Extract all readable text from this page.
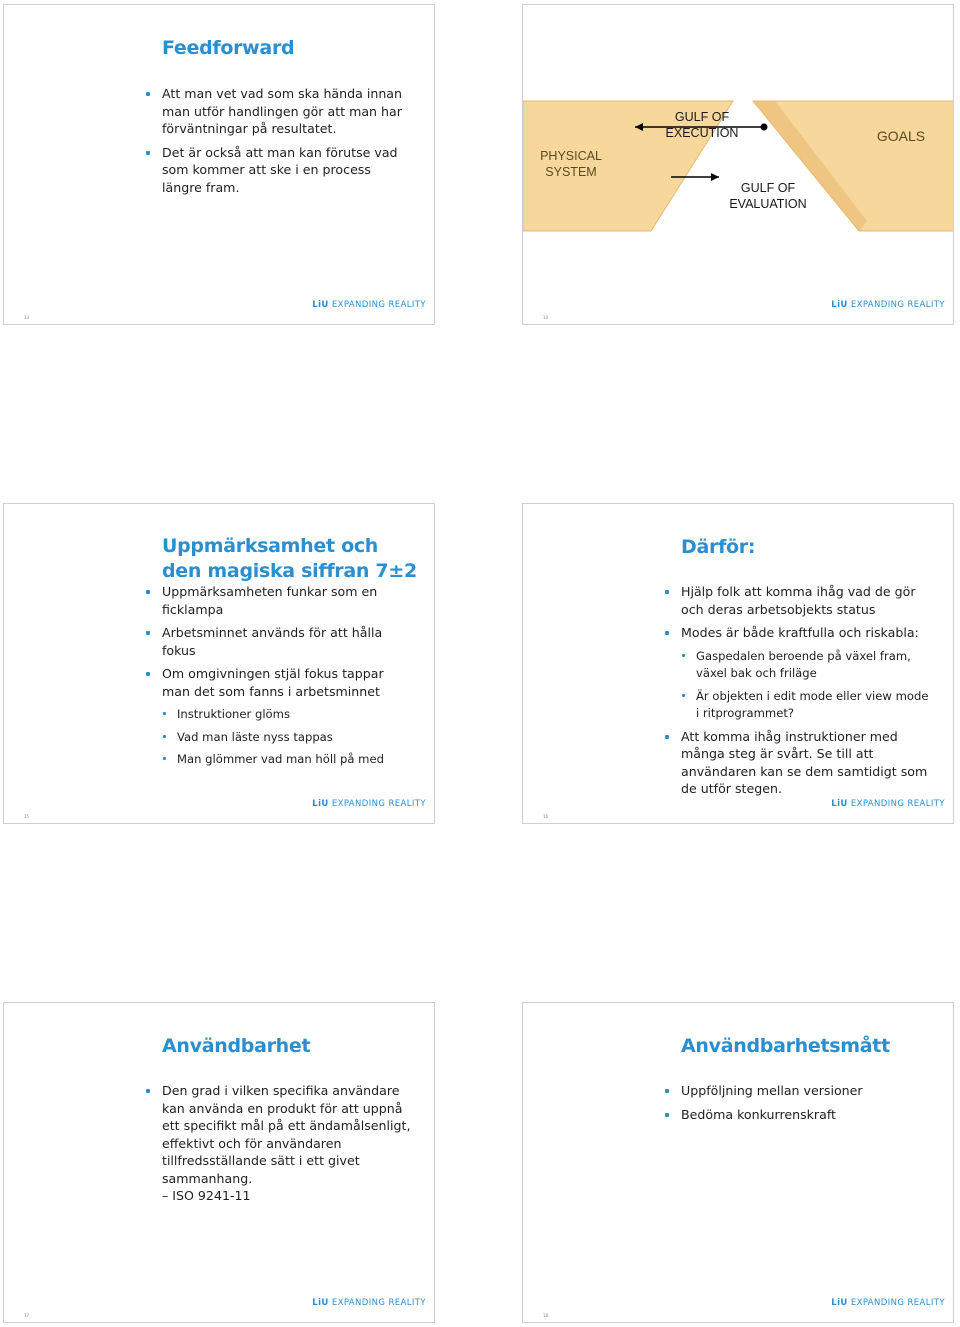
Feedforward
Att man vet vad som ska hända innan man utför handlingen gör att man har förväntningar på resultatet.
Det är också att man kan förutse vad som kommer att ske i en process längre fram.
LiU EXPANDING REALITY
13
PHYSICAL
SYSTEM
GULF OF
EXECUTION
GULF OF
EVALUATION
GOALS
LiU EXPANDING REALITY
14
Uppmärksamhet och
den magiska siffran 7±2
Uppmärksamheten funkar som en ficklampa
Arbetsminnet används för att hålla fokus
Om omgivningen stjäl fokus tappar man det som fanns i arbetsminnet
Instruktioner glöms
Vad man läste nyss tappas
Man glömmer vad man höll på med
LiU EXPANDING REALITY
15
Därför:
Hjälp folk att komma ihåg vad de gör och deras arbetsobjekts status
Modes är både kraftfulla och riskabla:
Gaspedalen beroende på växel fram, växel bak och friläge
Är objekten i edit mode eller view mode i ritprogrammet?
Att komma ihåg instruktioner med många steg är svårt. Se till att användaren kan se dem samtidigt som de utför stegen.
LiU EXPANDING REALITY
16
Användbarhet
Den grad i vilken specifika användare kan använda en produkt för att uppnå ett specifikt mål på ett ändamålsenligt, effektivt och för användaren tillfredsställande sätt i ett givet sammanhang.
– ISO 9241-11
LiU EXPANDING REALITY
17
Användbarhetsmått
Uppföljning mellan versioner
Bedöma konkurrenskraft
LiU EXPANDING REALITY
18
